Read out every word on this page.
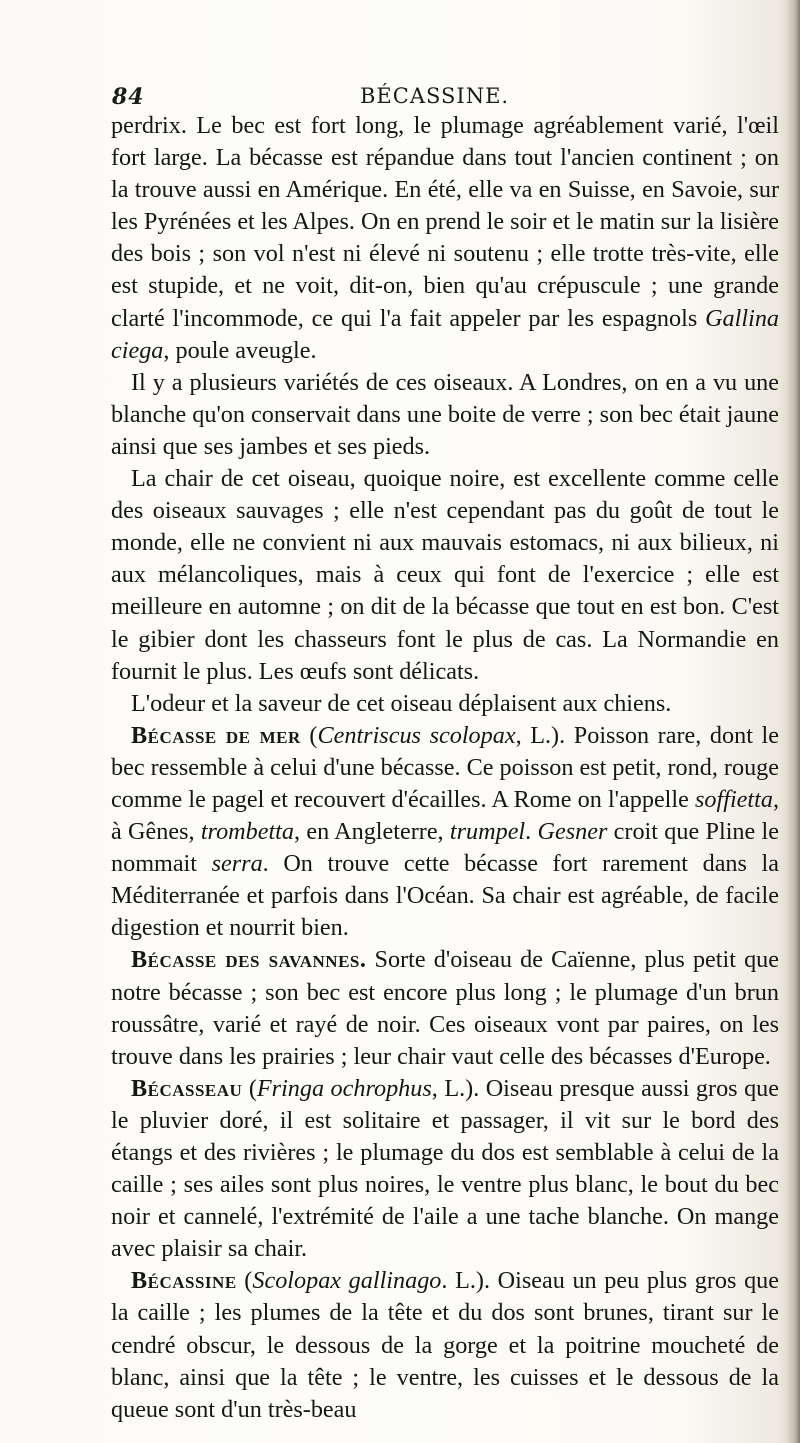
84	BÉCASSINE.

perdrix. Le bec est fort long, le plumage agréablement varié, l'œil fort large. La bécasse est répandue dans tout l'ancien continent ; on la trouve aussi en Amérique. En été, elle va en Suisse, en Savoie, sur les Pyrénées et les Alpes. On en prend le soir et le matin sur la lisière des bois ; son vol n'est ni élevé ni soutenu ; elle trotte très-vite, elle est stupide, et ne voit, dit-on, bien qu'au crépuscule ; une grande clarté l'incommode, ce qui l'a fait appeler par les espagnols Gallina ciega, poule aveugle.

Il y a plusieurs variétés de ces oiseaux. A Londres, on en a vu une blanche qu'on conservait dans une boite de verre ; son bec était jaune ainsi que ses jambes et ses pieds.

La chair de cet oiseau, quoique noire, est excellente comme celle des oiseaux sauvages ; elle n'est cependant pas du goût de tout le monde, elle ne convient ni aux mauvais estomacs, ni aux bilieux, ni aux mélancoliques, mais à ceux qui font de l'exercice ; elle est meilleure en automne ; on dit de la bécasse que tout en est bon. C'est le gibier dont les chasseurs font le plus de cas. La Normandie en fournit le plus. Les œufs sont délicats.

L'odeur et la saveur de cet oiseau déplaisent aux chiens.

Bécasse de mer (Centriscus scolopax, L.). Poisson rare, dont le bec ressemble à celui d'une bécasse. Ce poisson est petit, rond, rouge comme le pagel et recouvert d'écailles. A Rome on l'appelle soffietta, à Gênes, trombetta, en Angleterre, trumpel. Gesner croit que Pline le nommait serra. On trouve cette bécasse fort rarement dans la Méditerranée et parfois dans l'Océan. Sa chair est agréable, de facile digestion et nourrit bien.

Bécasse des savannes. Sorte d'oiseau de Caïenne, plus petit que notre bécasse ; son bec est encore plus long ; le plumage d'un brun roussâtre, varié et rayé de noir. Ces oiseaux vont par paires, on les trouve dans les prairies ; leur chair vaut celle des bécasses d'Europe.

Bécasseau (Fringa ochrophus, L.). Oiseau presque aussi gros que le pluvier doré, il est solitaire et passager, il vit sur le bord des étangs et des rivières ; le plumage du dos est semblable à celui de la caille ; ses ailes sont plus noires, le ventre plus blanc, le bout du bec noir et cannelé, l'extrémité de l'aile a une tache blanche. On mange avec plaisir sa chair.

Bécassine (Scolopax gallinago. L.). Oiseau un peu plus gros que la caille ; les plumes de la tête et du dos sont brunes, tirant sur le cendré obscur, le dessous de la gorge et la poitrine moucheté de blanc, ainsi que la tête ; le ventre, les cuisses et le dessous de la queue sont d'un très-beau
